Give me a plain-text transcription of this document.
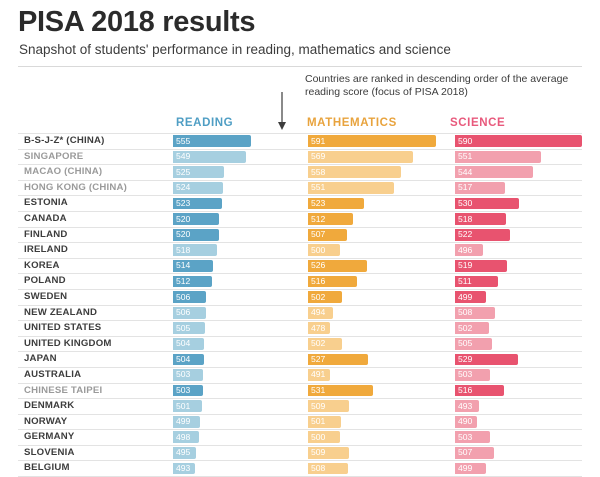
PISA 2018 results
Snapshot of students' performance in reading, mathematics and science
Countries are ranked in descending order of the average reading score (focus of PISA 2018)
READING	MATHEMATICS	SCIENCE
B-S-J-Z* (CHINA)	555	591	590
SINGAPORE	549	569	551
MACAO (CHINA)	525	558	544
HONG KONG (CHINA)	524	551	517
ESTONIA	523	523	530
CANADA	520	512	518
FINLAND	520	507	522
IRELAND	518	500	496
KOREA	514	526	519
POLAND	512	516	511
SWEDEN	506	502	499
NEW ZEALAND	506	494	508
UNITED STATES	505	478	502
UNITED KINGDOM	504	502	505
JAPAN	504	527	529
AUSTRALIA	503	491	503
CHINESE TAIPEI	503	531	516
DENMARK	501	509	493
NORWAY	499	501	490
GERMANY	498	500	503
SLOVENIA	495	509	507
BELGIUM	493	508	499
